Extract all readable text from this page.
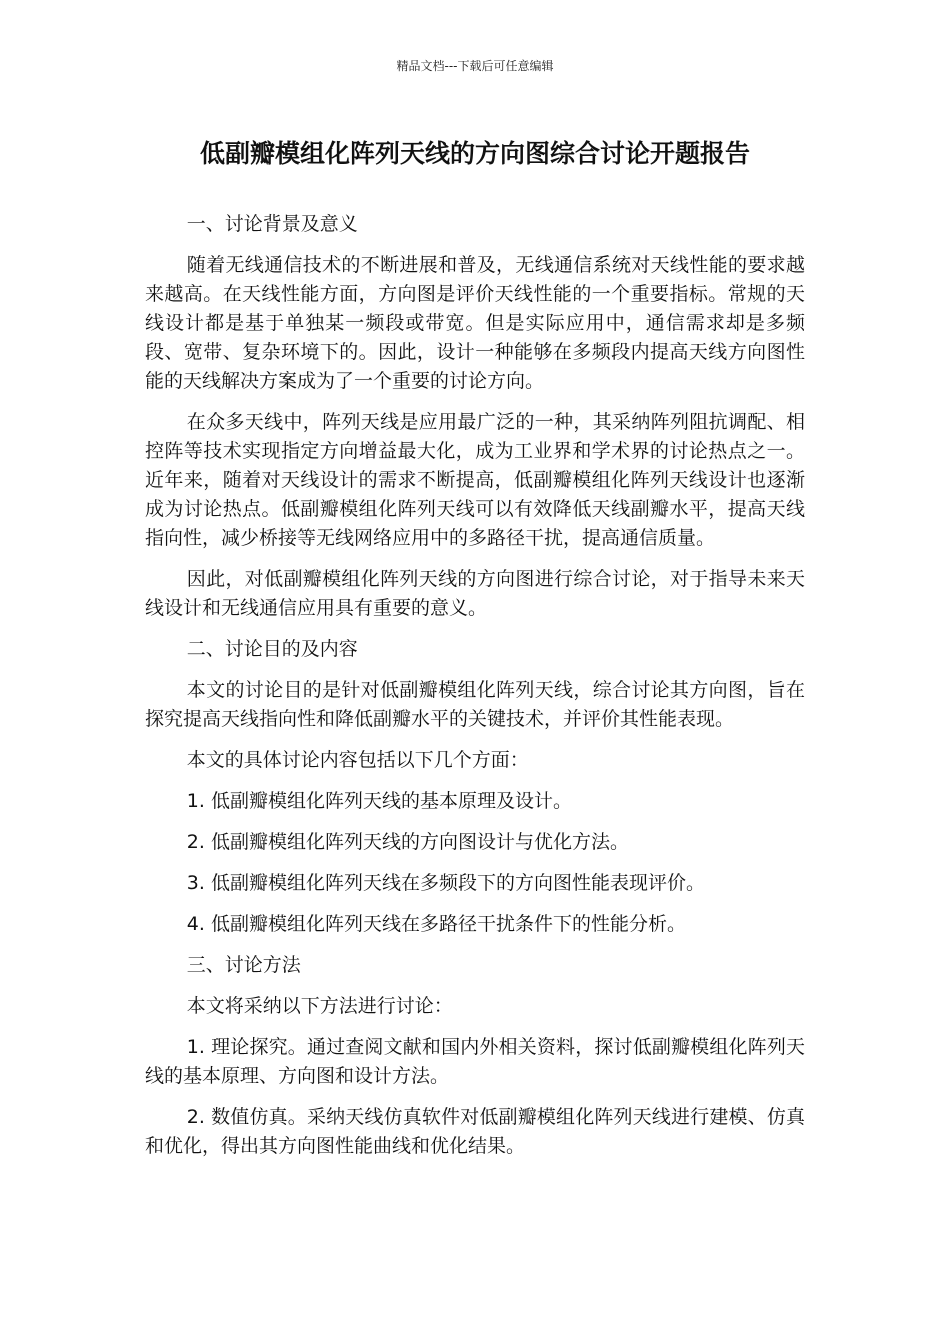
精品文档---下载后可任意编辑
低副瓣模组化阵列天线的方向图综合讨论开题报告

一、讨论背景及意义

随着无线通信技术的不断进展和普及，无线通信系统对天线性能的要求越来越高。在天线性能方面，方向图是评价天线性能的一个重要指标。常规的天线设计都是基于单独某一频段或带宽。但是实际应用中，通信需求却是多频段、宽带、复杂环境下的。因此，设计一种能够在多频段内提高天线方向图性能的天线解决方案成为了一个重要的讨论方向。

在众多天线中，阵列天线是应用最广泛的一种，其采纳阵列阻抗调配、相控阵等技术实现指定方向增益最大化，成为工业界和学术界的讨论热点之一。近年来，随着对天线设计的需求不断提高，低副瓣模组化阵列天线设计也逐渐成为讨论热点。低副瓣模组化阵列天线可以有效降低天线副瓣水平，提高天线指向性，减少桥接等无线网络应用中的多路径干扰，提高通信质量。

因此，对低副瓣模组化阵列天线的方向图进行综合讨论，对于指导未来天线设计和无线通信应用具有重要的意义。

二、讨论目的及内容

本文的讨论目的是针对低副瓣模组化阵列天线，综合讨论其方向图，旨在探究提高天线指向性和降低副瓣水平的关键技术，并评价其性能表现。

本文的具体讨论内容包括以下几个方面：

1. 低副瓣模组化阵列天线的基本原理及设计。

2. 低副瓣模组化阵列天线的方向图设计与优化方法。

3. 低副瓣模组化阵列天线在多频段下的方向图性能表现评价。

4. 低副瓣模组化阵列天线在多路径干扰条件下的性能分析。

三、讨论方法

本文将采纳以下方法进行讨论：

1. 理论探究。通过查阅文献和国内外相关资料，探讨低副瓣模组化阵列天线的基本原理、方向图和设计方法。

2. 数值仿真。采纳天线仿真软件对低副瓣模组化阵列天线进行建模、仿真和优化，得出其方向图性能曲线和优化结果。
